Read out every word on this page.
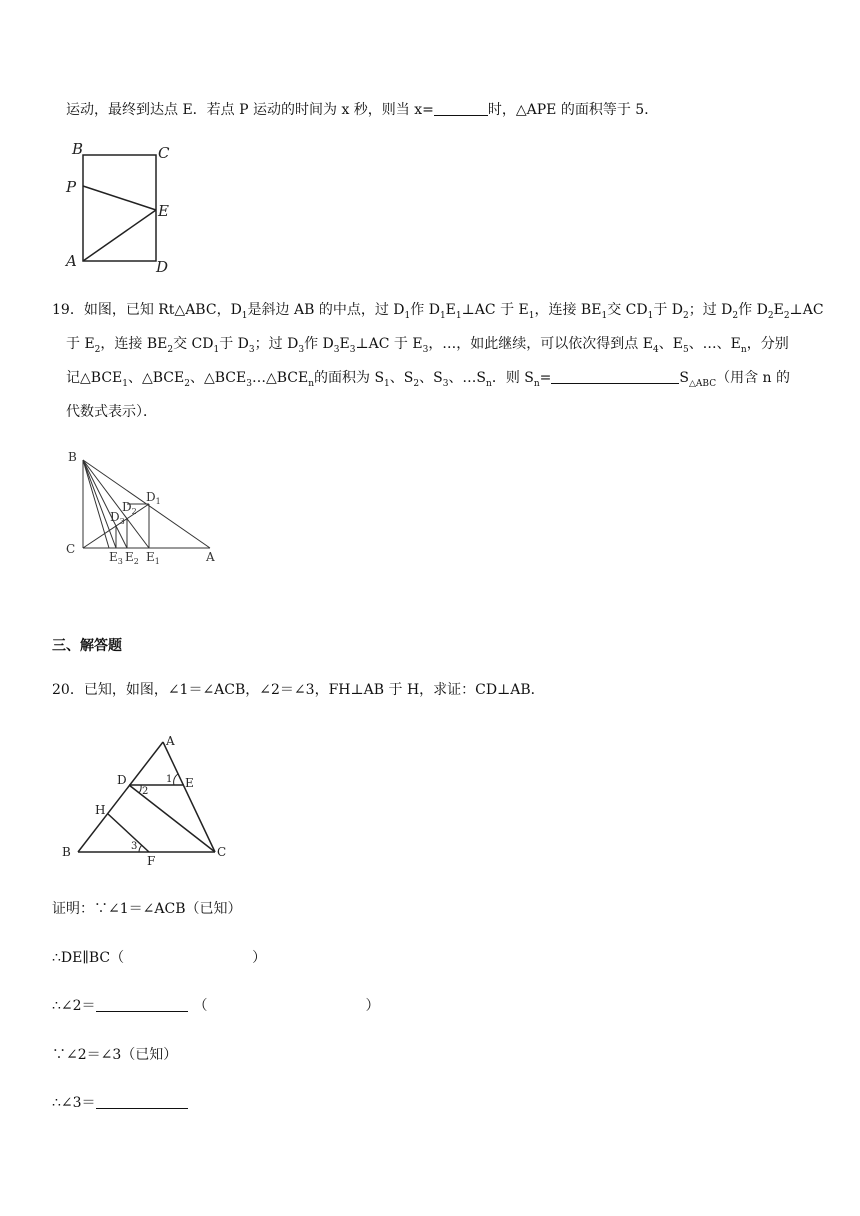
运动，最终到达点 E．若点 P 运动的时间为 x 秒，则当 x=	时，△APE 的面积等于 5．
B	C
P
E
A	D
19．如图，已知 Rt△ABC，$D_1$是斜边 AB 的中点，过 $D_1$作 $D_1E_1\perp AC$ 于 $E_1$，连接 $BE_1$交 $CD_1$于 $D_2$；过 $D_2$作 $D_2E_2\perp AC$
于 $E_2$，连接 $BE_2$交 $CD_1$于 $D_3$；过 $D_3$作 $D_3E_3\perp AC$ 于 $E_3$，…，如此继续，可以依次得到点 $E_4$、$E_5$、…、$E_n$，分别
记$\triangle BCE_1$、$\triangle BCE_2$、$\triangle BCE_3\dots\triangle BCE_n$的面积为 $S_1$、$S_2$、$S_3$、$\dots S_n$．则 $S_n=$	$S_{\triangle ABC}$（用含 n 的
代数式表示）．
B
C
A
$D_1$
$D_2$
$D_3$
$E_3$ $E_2$ $E_1$
三、解答题
20．已知，如图，∠1＝∠ACB，∠2＝∠3，FH⊥AB 于 H，求证：CD⊥AB．
A
D	E
H
B
F
C
1
2
3
证明：∵∠1＝∠ACB（已知）
∴DE∥BC（	）
∴∠2＝	（	）
∵∠2＝∠3（已知）
∴∠3＝
